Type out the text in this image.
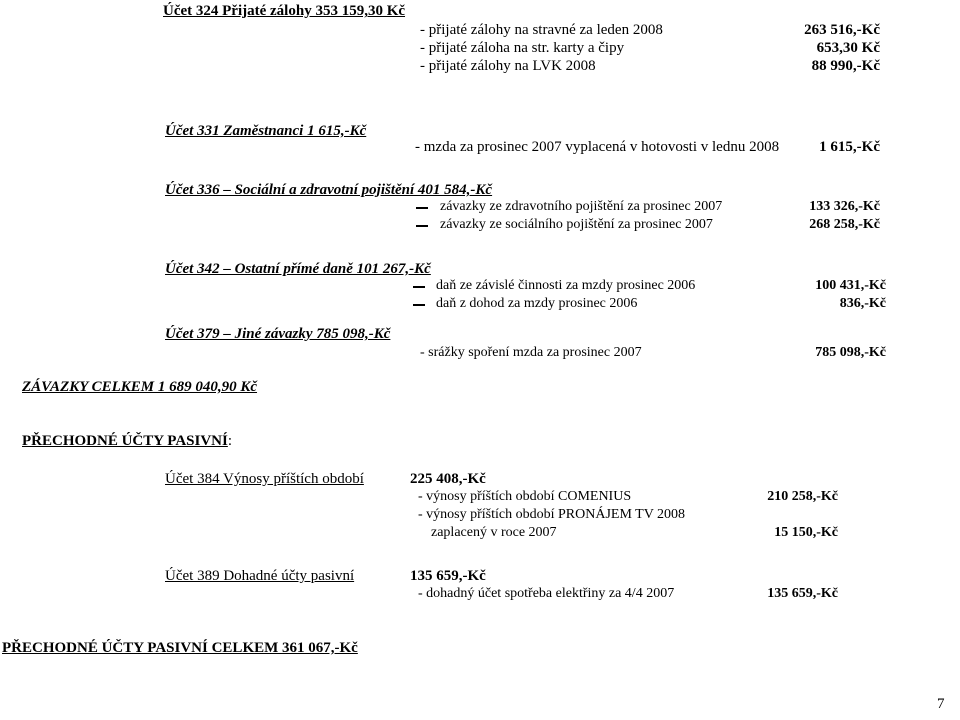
Účet 324 Přijaté zálohy 353 159,30 Kč
- přijaté zálohy na stravné za leden 2008	263 516,-Kč
- přijaté záloha na str. karty a čipy	653,30 Kč
- přijaté zálohy na LVK 2008	88 990,-Kč
Účet 331 Zaměstnanci 1 615,-Kč
- mzda za prosinec 2007 vyplacená v hotovosti v lednu 2008	1 615,-Kč
Účet 336 – Sociální a zdravotní pojištění 401 584,-Kč
závazky ze zdravotního pojištění za prosinec 2007	133 326,-Kč
závazky ze sociálního pojištění za prosinec 2007	268 258,-Kč
Účet 342 – Ostatní přímé daně 101 267,-Kč
daň ze závislé činnosti za mzdy prosinec 2006	100 431,-Kč
daň z dohod za mzdy prosinec 2006	836,-Kč
Účet 379 – Jiné závazky 785 098,-Kč
- srážky spoření mzda za prosinec 2007	785 098,-Kč
ZÁVAZKY CELKEM 1 689 040,90 Kč
PŘECHODNÉ ÚČTY PASIVNÍ:
Účet 384 Výnosy příštích období	225 408,-Kč
- výnosy příštích období COMENIUS	210 258,-Kč
- výnosy příštích období PRONÁJEM TV 2008
zaplacený v roce 2007	15 150,-Kč
Účet 389 Dohadné účty pasivní	135 659,-Kč
- dohadný účet spotřeba elektřiny za 4/4 2007	135 659,-Kč
PŘECHODNÉ ÚČTY PASIVNÍ CELKEM 361 067,-Kč
7
